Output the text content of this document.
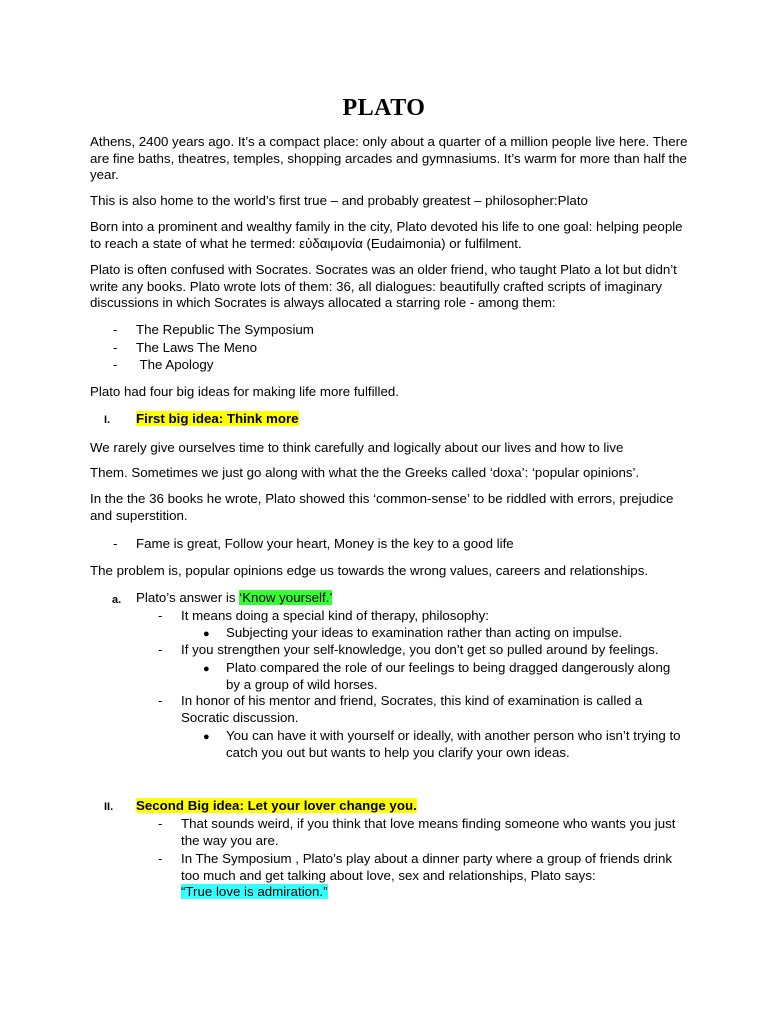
PLATO

Athens, 2400 years ago. It’s a compact place: only about a quarter of a million people live here. There are fine baths, theatres, temples, shopping arcades and gymnasiums. It’s warm for more than half the year.

This is also home to the world’s first true – and probably greatest – philosopher:Plato

Born into a prominent and wealthy family in the city, Plato devoted his life to one goal: helping people to reach a state of what he termed: εὐδαιμονία (Eudaimonia) or fulfilment.

Plato is often confused with Socrates. Socrates was an older friend, who taught Plato a lot but didn’t write any books. Plato wrote lots of them: 36, all dialogues: beautifully crafted scripts of imaginary discussions in which Socrates is always allocated a starring role - among them:

- The Republic The Symposium
- The Laws The Meno
- The Apology

Plato had four big ideas for making life more fulfilled.

I. First big idea: Think more

We rarely give ourselves time to think carefully and logically about our lives and how to live

Them. Sometimes we just go along with what the the Greeks called ‘doxa’: ‘popular opinions’.

In the the 36 books he wrote, Plato showed this ‘common-sense’ to be riddled with errors, prejudice and superstition.

- Fame is great, Follow your heart, Money is the key to a good life

The problem is, popular opinions edge us towards the wrong values, careers and relationships.

a. Plato’s answer is ‘Know yourself.’
- It means doing a special kind of therapy, philosophy:
● Subjecting your ideas to examination rather than acting on impulse.
- If you strengthen your self-knowledge, you don’t get so pulled around by feelings.
● Plato compared the role of our feelings to being dragged dangerously along by a group of wild horses.
- In honor of his mentor and friend, Socrates, this kind of examination is called a Socratic discussion.
● You can have it with yourself or ideally, with another person who isn’t trying to catch you out but wants to help you clarify your own ideas.
II. Second Big idea: Let your lover change you.
- That sounds weird, if you think that love means finding someone who wants you just the way you are.
- In The Symposium , Plato’s play about a dinner party where a group of friends drink too much and get talking about love, sex and relationships, Plato says:
“True love is admiration.”
